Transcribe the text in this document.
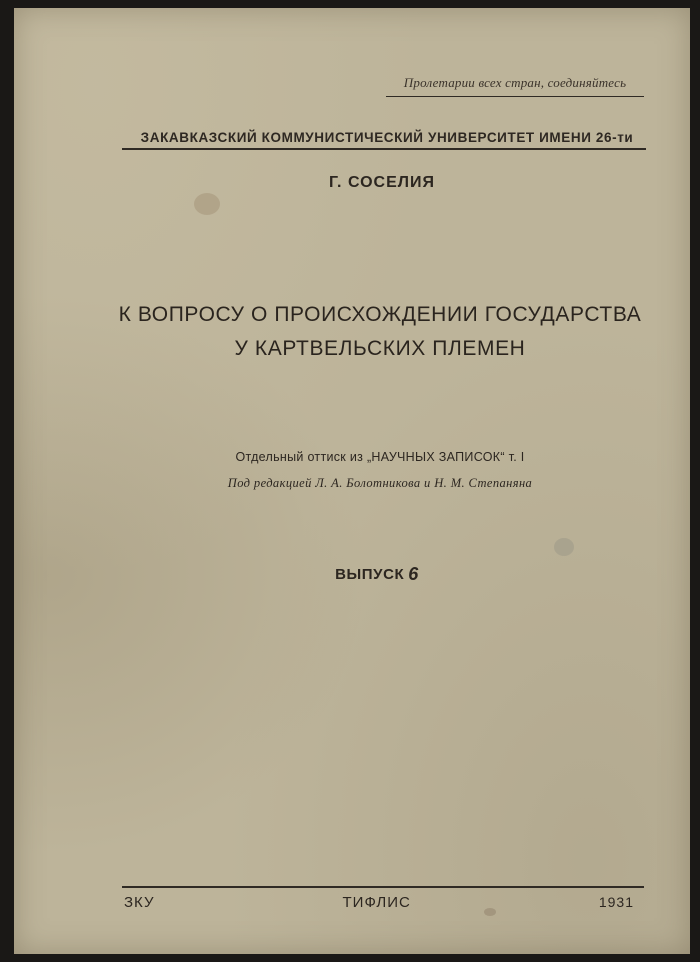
Пролетарии всех стран, соединяйтесь
ЗАКАВКАЗСКИЙ КОММУНИСТИЧЕСКИЙ УНИВЕРСИТЕТ ИМЕНИ 26-ти
Г. СОСЕЛИЯ
К ВОПРОСУ О ПРОИСХОЖДЕНИИ ГОСУДАРСТВА
У КАРТВЕЛЬСКИХ ПЛЕМЕН
Отдельный оттиск из „НАУЧНЫХ ЗАПИСОК“ т. I
Под редакцией Л. А. Болотникова и Н. М. Степаняна
ВЫПУСК 6
ЗКУ	ТИФЛИС	1931
